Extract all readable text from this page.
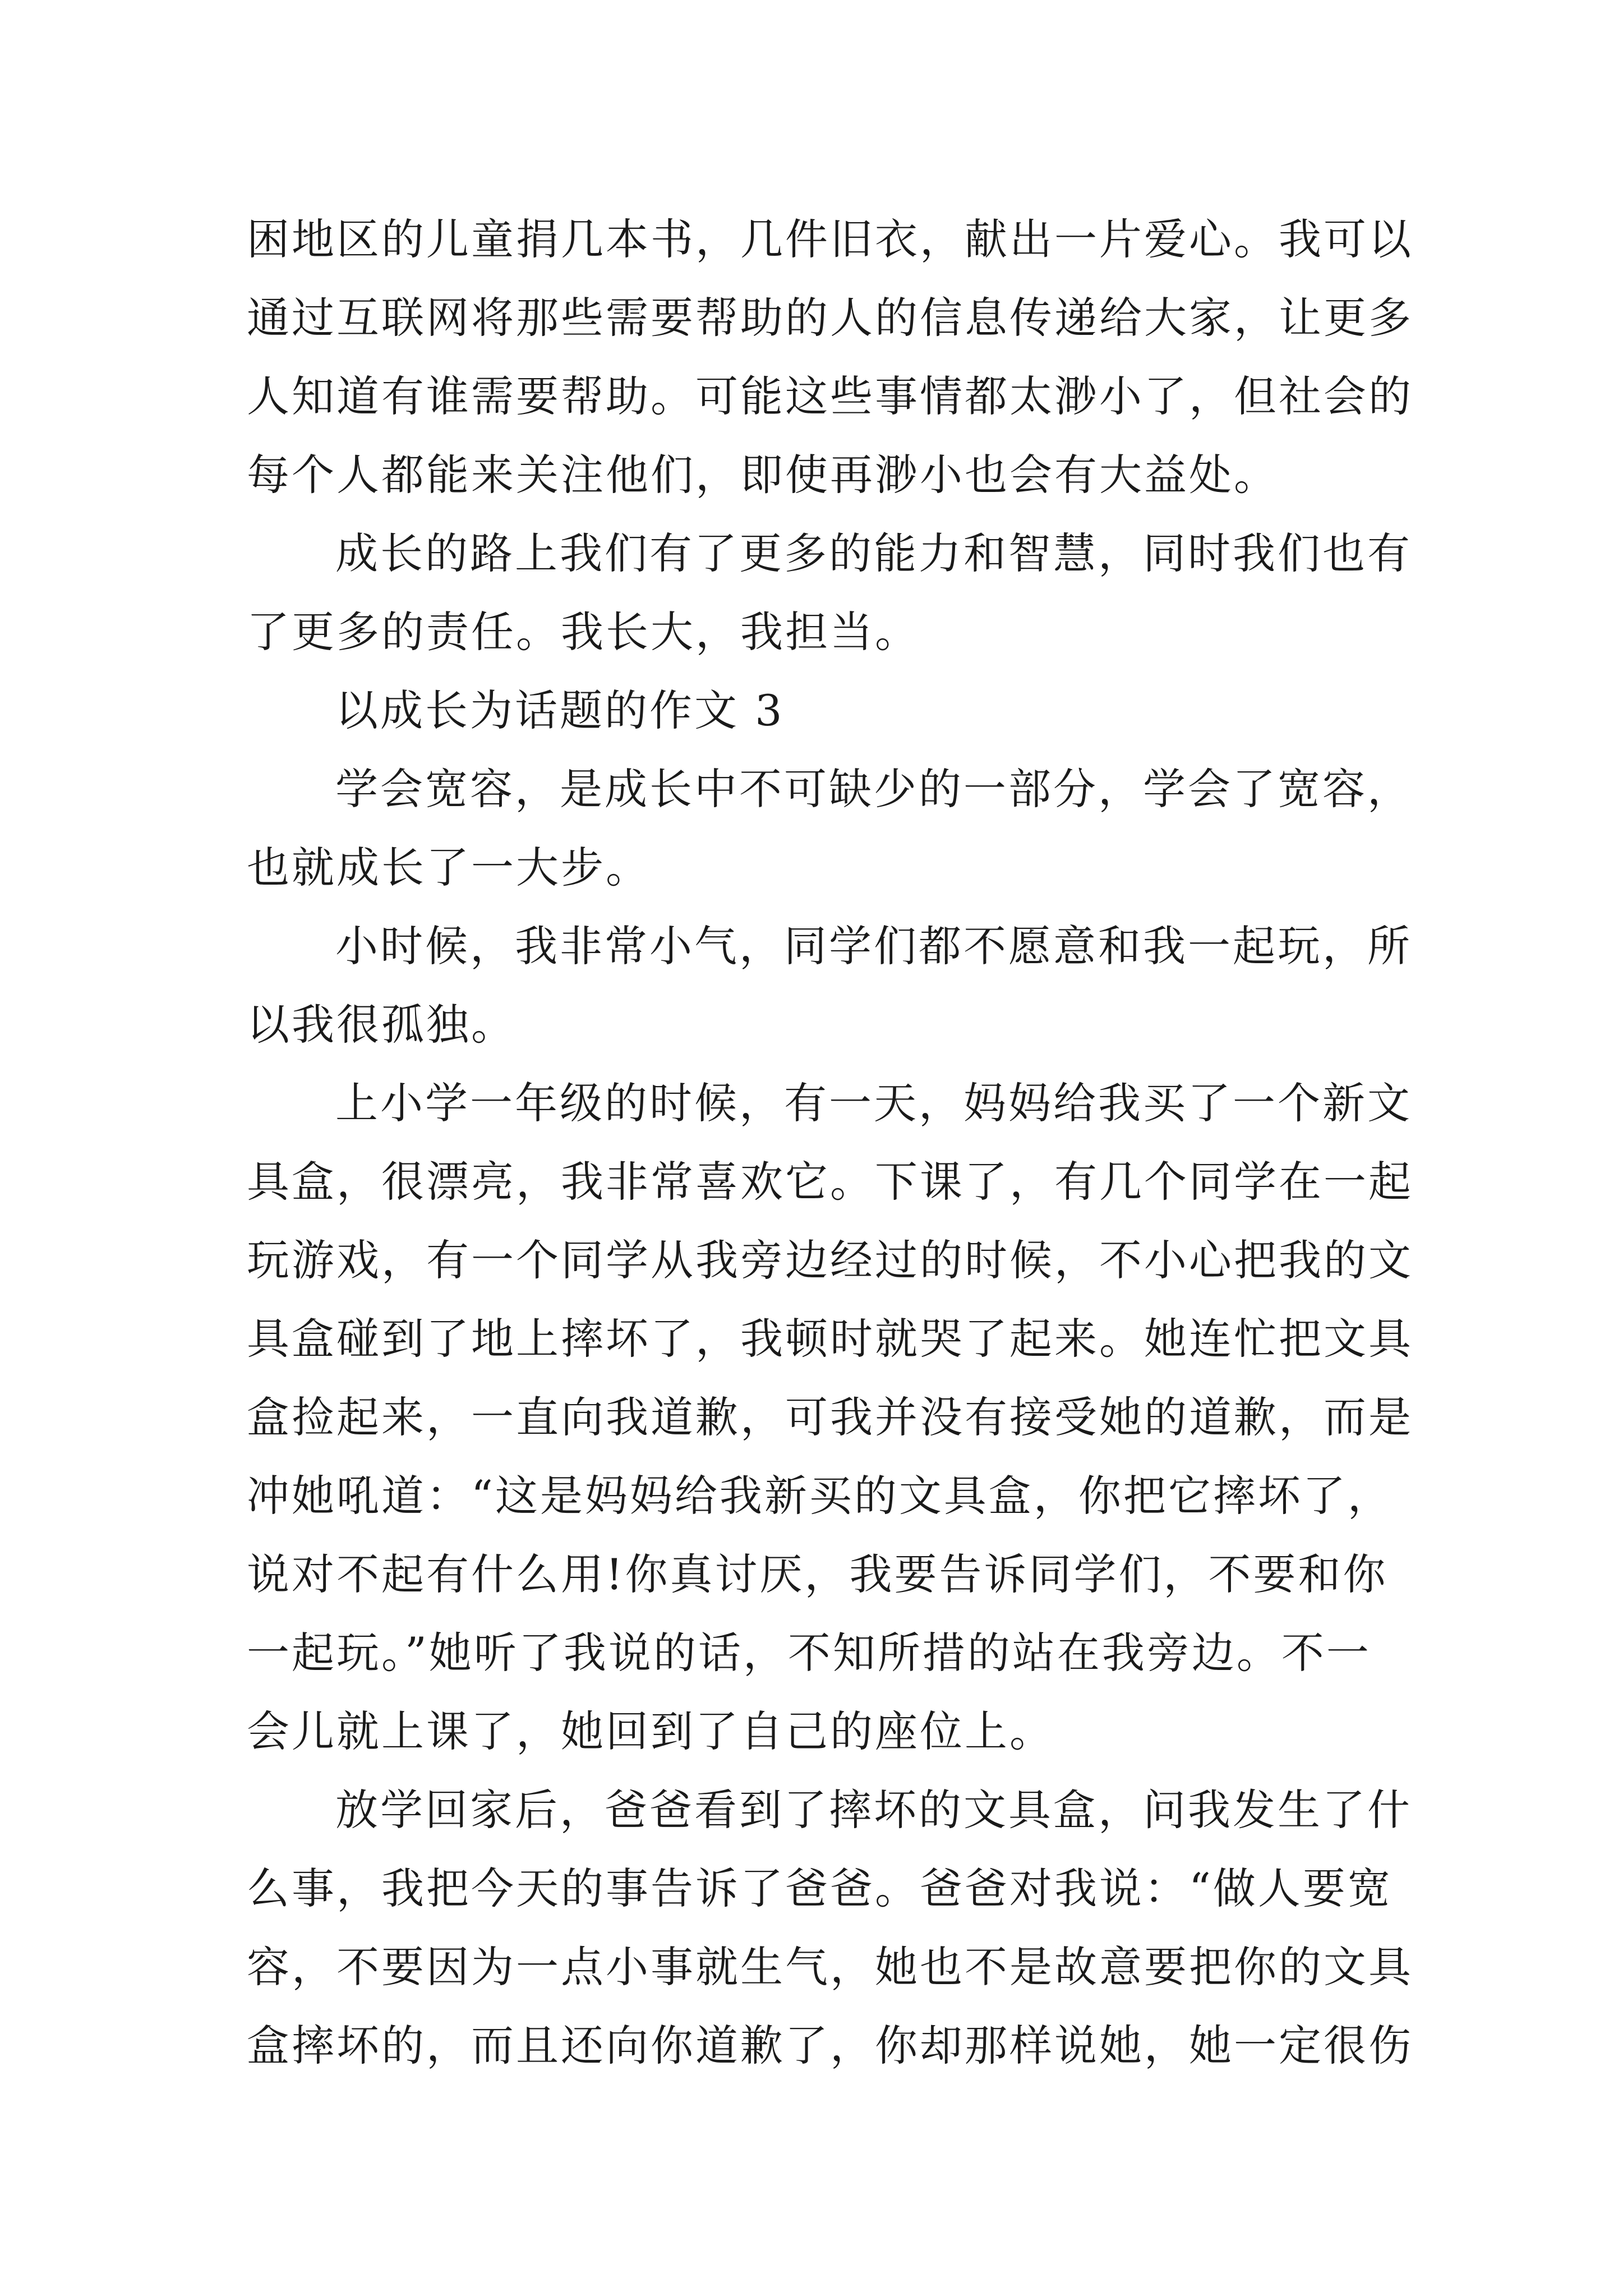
困地区的儿童捐几本书，几件旧衣，献出一片爱心。我可以
通过互联网将那些需要帮助的人的信息传递给大家，让更多
人知道有谁需要帮助。可能这些事情都太渺小了，但社会的
每个人都能来关注他们，即使再渺小也会有大益处。
成长的路上我们有了更多的能力和智慧，同时我们也有
了更多的责任。我长大，我担当。
以成长为话题的作文 3
学会宽容，是成长中不可缺少的一部分，学会了宽容，
也就成长了一大步。
小时候，我非常小气，同学们都不愿意和我一起玩，所
以我很孤独。
上小学一年级的时候，有一天，妈妈给我买了一个新文
具盒，很漂亮，我非常喜欢它。下课了，有几个同学在一起
玩游戏，有一个同学从我旁边经过的时候，不小心把我的文
具盒碰到了地上摔坏了，我顿时就哭了起来。她连忙把文具
盒捡起来，一直向我道歉，可我并没有接受她的道歉，而是
冲她吼道：“这是妈妈给我新买的文具盒，你把它摔坏了，
说对不起有什么用!你真讨厌，我要告诉同学们，不要和你
一起玩。”她听了我说的话，不知所措的站在我旁边。不一
会儿就上课了，她回到了自己的座位上。
放学回家后，爸爸看到了摔坏的文具盒，问我发生了什
么事，我把今天的事告诉了爸爸。爸爸对我说：“做人要宽
容，不要因为一点小事就生气，她也不是故意要把你的文具
盒摔坏的，而且还向你道歉了，你却那样说她，她一定很伤
